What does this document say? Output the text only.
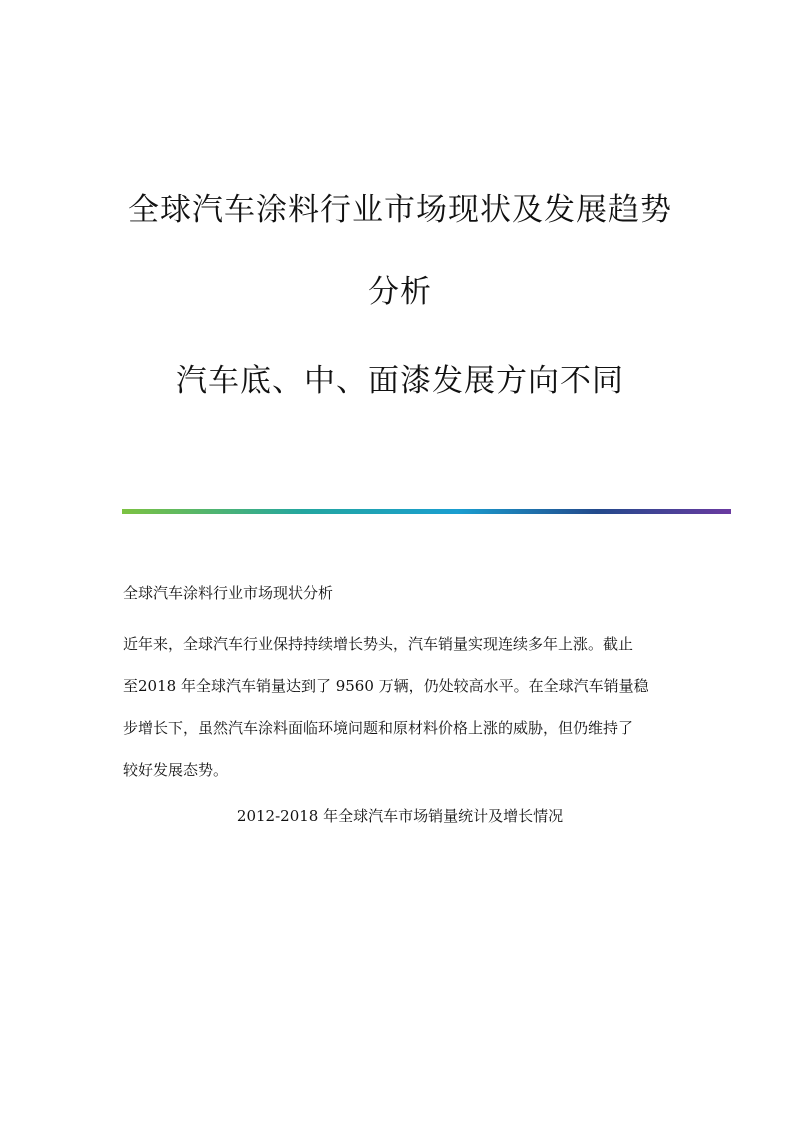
全球汽车涂料行业市场现状及发展趋势
分析
汽车底、中、面漆发展方向不同
全球汽车涂料行业市场现状分析
近年来，全球汽车行业保持持续增长势头，汽车销量实现连续多年上涨。截止
至2018 年全球汽车销量达到了 9560 万辆，仍处较高水平。在全球汽车销量稳
步增长下，虽然汽车涂料面临环境问题和原材料价格上涨的威胁，但仍维持了
较好发展态势。
2012-2018 年全球汽车市场销量统计及增长情况
